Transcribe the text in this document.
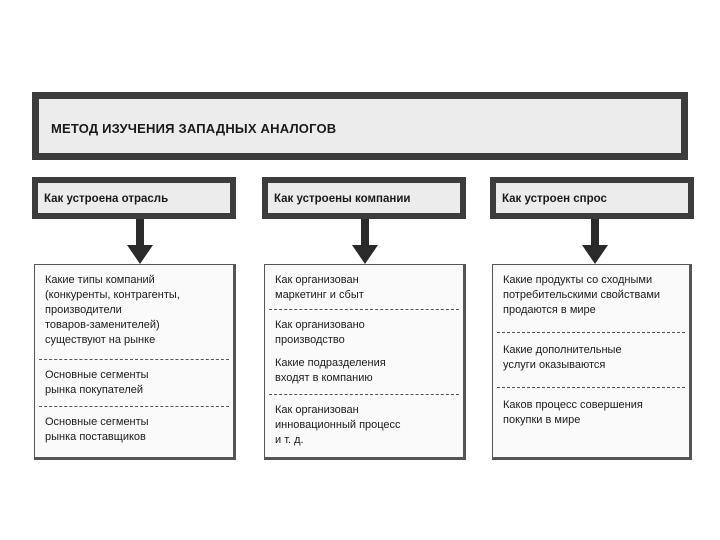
МЕТОД ИЗУЧЕНИЯ ЗАПАДНЫХ АНАЛОГОВ
Как устроена отрасль
Какие типы компаний
(конкуренты, контрагенты,
производители
товаров-заменителей)
существуют на рынке
Основные сегменты
рынка покупателей
Основные сегменты
рынка поставщиков
Как устроены компании
Как организован
маркетинг и сбыт
Как организовано
производство
Какие подразделения
входят в компанию
Как организован
инновационный процесс
и т. д.
Как устроен спрос
Какие продукты со сходными
потребительскими свойствами
продаются в мире
Какие дополнительные
услуги оказываются
Каков процесс совершения
покупки в мире
